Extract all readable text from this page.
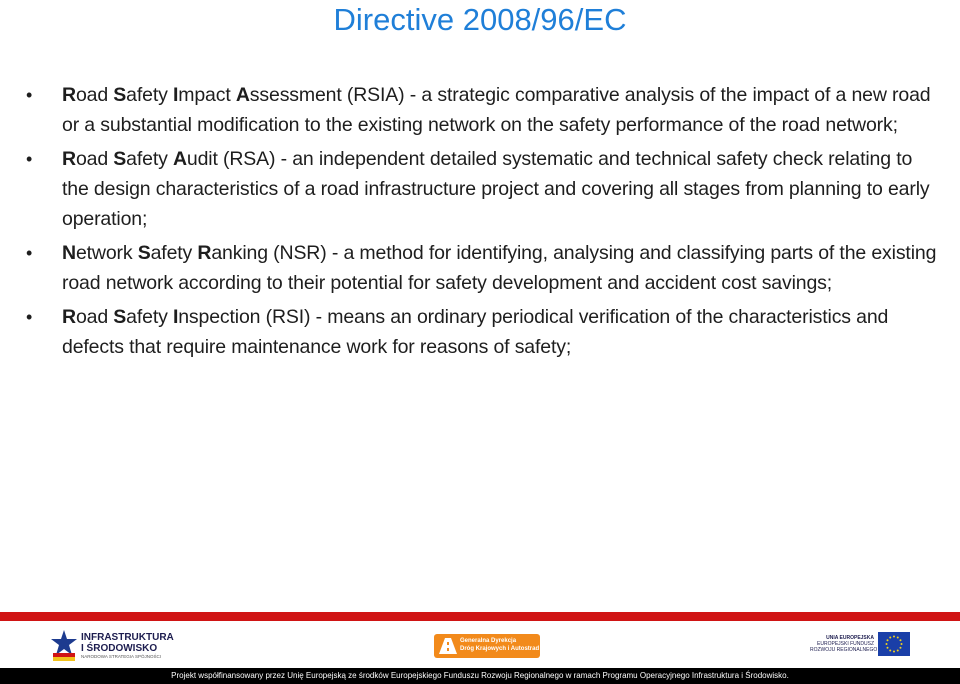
Directive 2008/96/EC
•	Road Safety Impact Assessment (RSIA) - a strategic comparative analysis of the impact of a new road or a substantial modification to the existing network on the safety performance of the road network;
•	Road Safety Audit (RSA) - an independent detailed systematic and technical safety check relating to the design characteristics of a road infrastructure project and covering all stages from planning to early operation;
•	Network Safety Ranking (NSR) - a method for identifying, analysing and classifying parts of the existing road network according to their potential for safety development and accident cost savings;
•	Road Safety Inspection (RSI) - means an ordinary periodical verification of the characteristics and defects that require maintenance work for reasons of safety;
INFRASTRUKTURA
I ŚRODOWISKO
NARODOWA STRATEGIA SPÓJNOŚCI
Generalna Dyrekcja
Dróg Krajowych i Autostrad
UNIA EUROPEJSKA
EUROPEJSKI FUNDUSZ
ROZWOJU REGIONALNEGO
Projekt współfinansowany przez Unię Europejską ze środków Europejskiego Funduszu Rozwoju Regionalnego w ramach Programu Operacyjnego Infrastruktura i Środowisko.
